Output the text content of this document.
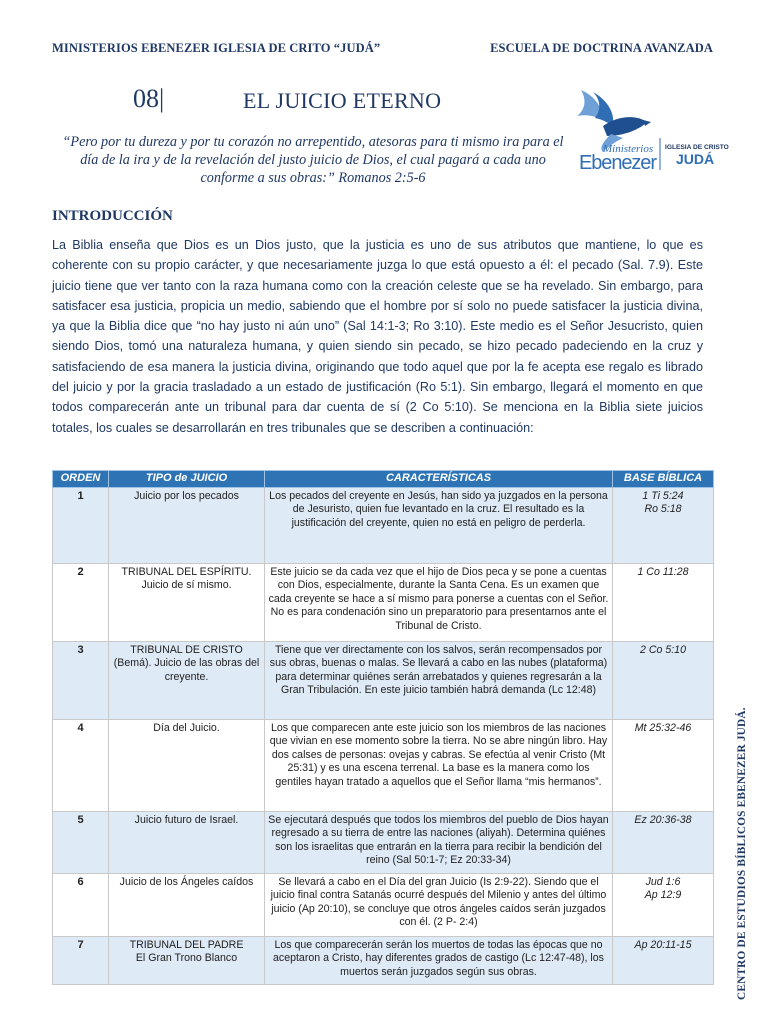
MINISTERIOS EBENEZER IGLESIA DE CRITO “JUDÁ”	ESCUELA DE DOCTRINA AVANZADA
08|	EL JUICIO ETERNO
“Pero por tu dureza y por tu corazón no arrepentido, atesoras para ti mismo ira para el día de la ira y de la revelación del justo juicio de Dios, el cual pagará a cada uno conforme a sus obras:” Romanos 2:5-6
Ministerios
Ebenezer
IGLESIA DE CRISTO
JUDÁ
INTRODUCCIÓN

La Biblia enseña que Dios es un Dios justo, que la justicia es uno de sus atributos que mantiene, lo que es coherente con su propio carácter, y que necesariamente juzga lo que está opuesto a él: el pecado (Sal. 7.9). Este juicio tiene que ver tanto con la raza humana como con la creación celeste que se ha revelado. Sin embargo, para satisfacer esa justicia, propicia un medio, sabiendo que el hombre por sí solo no puede satisfacer la justicia divina, ya que la Biblia dice que “no hay justo ni aún uno” (Sal 14:1-3; Ro 3:10). Este medio es el Señor Jesucristo, quien siendo Dios, tomó una naturaleza humana, y quien siendo sin pecado, se hizo pecado padeciendo en la cruz y satisfaciendo de esa manera la justicia divina, originando que todo aquel que por la fe acepta ese regalo es librado del juicio y por la gracia trasladado a un estado de justificación (Ro 5:1). Sin embargo, llegará el momento en que todos comparecerán ante un tribunal para dar cuenta de sí (2 Co 5:10). Se menciona en la Biblia siete juicios totales, los cuales se desarrollarán en tres tribunales que se describen a continuación:

ORDEN	TIPO de JUICIO	CARACTERÍSTICAS	BASE BÍBLICA
1	Juicio por los pecados	Los pecados del creyente en Jesús, han sido ya juzgados en la persona de Jesuristo, quien fue levantado en la cruz. El resultado es la justificación del creyente, quien no está en peligro de perderla.	1 Ti 5:24
Ro 5:18
2	TRIBUNAL DEL ESPÍRITU.
Juicio de sí mismo.	Este juicio se da cada vez que el hijo de Dios peca y se pone a cuentas con Dios, especialmente, durante la Santa Cena. Es un examen que cada creyente se hace a sí mismo para ponerse a cuentas con el Señor. No es para condenación sino un preparatorio para presentarnos ante el Tribunal de Cristo.	1 Co 11:28
3	TRIBUNAL DE CRISTO
(Bemá). Juicio de las obras del creyente.	Tiene que ver directamente con los salvos, serán recompensados por sus obras, buenas o malas. Se llevará a cabo en las nubes (plataforma) para determinar quiénes serán arrebatados y quienes regresarán a la Gran Tribulación. En este juicio también habrá demanda (Lc 12:48)	2 Co 5:10
4	Día del Juicio.	Los que comparecen ante este juicio son los miembros de las naciones que vivian en ese momento sobre la tierra. No se abre ningún libro. Hay dos calses de personas: ovejas y cabras. Se efectúa al venir Cristo (Mt 25:31) y es una escena terrenal. La base es la manera como los gentiles hayan tratado a aquellos que el Señor llama “mis hermanos”.	Mt 25:32-46
5	Juicio futuro de Israel.	Se ejecutará después que todos los miembros del pueblo de Dios hayan regresado a su tierra de entre las naciones (aliyah). Determina quiénes son los israelitas que entrarán en la tierra para recibir la bendición del reino (Sal 50:1-7; Ez 20:33-34)	Ez 20:36-38
6	Juicio de los Ángeles caídos	Se llevará a cabo en el Día del gran Juicio (Is 2:9-22). Siendo que el juicio final contra Satanás ocurré después del Milenio y antes del último juicio (Ap 20:10), se concluye que otros ángeles caídos serán juzgados con él. (2 P- 2:4)	Jud 1:6
Ap 12:9
7	TRIBUNAL DEL PADRE
El Gran Trono Blanco	Los que comparecerán serán los muertos de todas las épocas que no aceptaron a Cristo, hay diferentes grados de castigo (Lc 12:47-48), los muertos serán juzgados según sus obras.	Ap 20:11-15	CENTRO DE ESTUDIOS BÍBLICOS EBENEZER JUDÁ.
